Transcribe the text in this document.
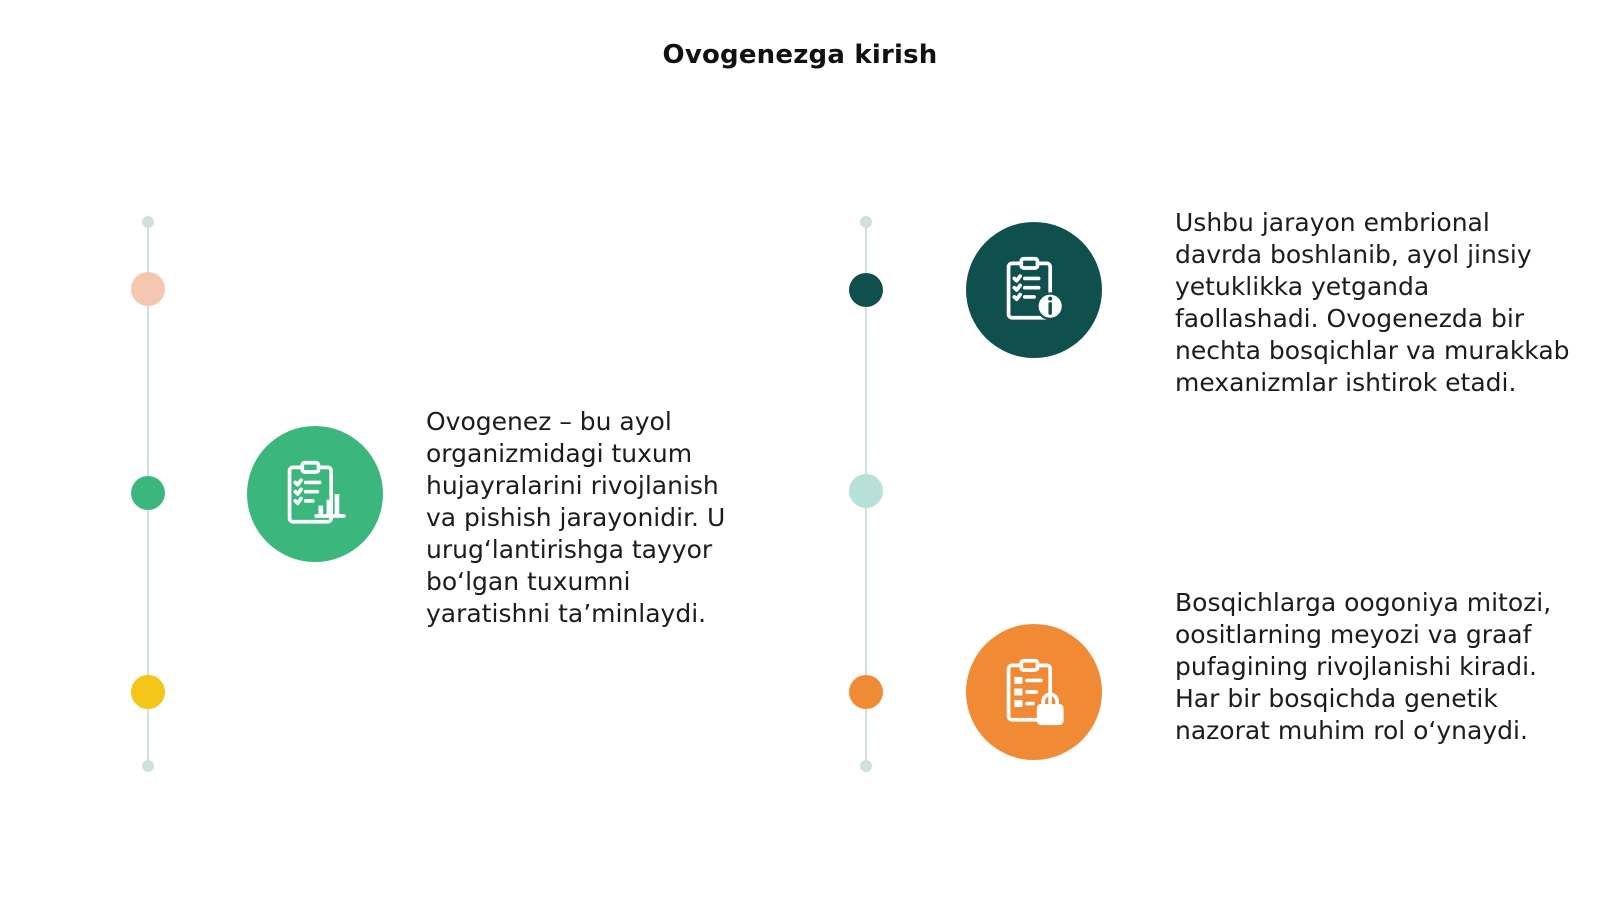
Ovogenezga kirish
Ovogenez – bu ayol organizmidagi tuxum hujayralarini rivojlanish va pishish jarayonidir. U urug‘lantirishga tayyor bo‘lgan tuxumni yaratishni ta’minlaydi.
Ushbu jarayon embrional davrda boshlanib, ayol jinsiy yetuklikka yetganda faollashadi. Ovogenezda bir nechta bosqichlar va murakkab mexanizmlar ishtirok etadi.
Bosqichlarga oogoniya mitozi, oositlarning meyozi va graaf pufagining rivojlanishi kiradi. Har bir bosqichda genetik nazorat muhim rol o‘ynaydi.
